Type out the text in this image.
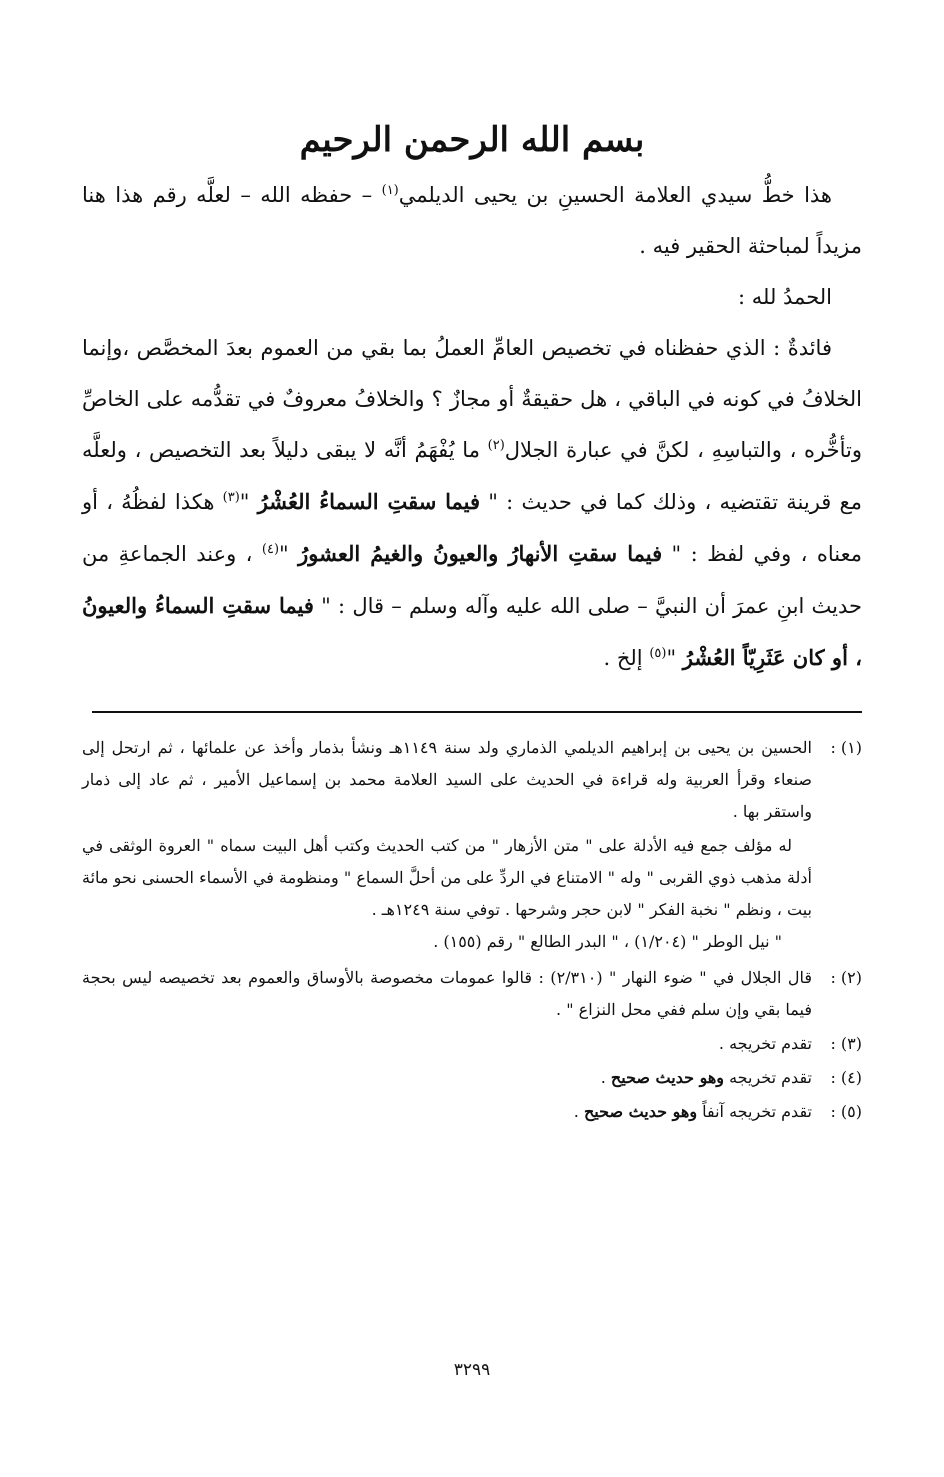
بسم الله الرحمن الرحيم

هذا خطُّ سيدي العلامة الحسينِ بن يحيى الديلمي$^{(١)}$ – حفظه الله – لعلَّه رقم هذا هنا مزيداً لمباحثة الحقير فيه .

الحمدُ لله :

فائدةٌ : الذي حفظناه في تخصيص العامِّ العملُ بما بقي من العموم بعدَ المخصَّص ،وإنما الخلافُ في كونه في الباقي ، هل حقيقةٌ أو مجازٌ ؟ والخلافُ معروفٌ في تقدُّمه على الخاصِّ وتأخُّره ، والتباسِهِ ، لكنَّ في عبارة الجلال$^{(٢)}$ ما يُفْهَمُ أنَّه لا يبقى دليلاً بعد التخصيص ، ولعلَّه مع قرينة تقتضيه ، وذلك كما في حديث : " فيما سقتِ السماءُ العُشْرُ "$^{(٣)}$ هكذا لفظُهُ ، أو معناه ، وفي لفظ : " فيما سقتِ الأنهارُ والعيونُ والغيمُ العشورُ "$^{(٤)}$ ، وعند الجماعةِ من حديث ابنِ عمرَ أن النبيَّ – صلى الله عليه وآله وسلم – قال : " فيما سقتِ السماءُ والعيونُ ، أو كان عَثَرِيّاً العُشْرُ "$^{(٥)}$ إلخ .

(١) :الحسين بن يحيى بن إبراهيم الديلمي الذماري ولد سنة ١١٤٩هـ ونشأ بذمار وأخذ عن علمائها ، ثم ارتحل إلى صنعاء وقرأ العربية وله قراءة في الحديث على السيد العلامة محمد بن إسماعيل الأمير ، ثم عاد إلى ذمار واستقر بها .

له مؤلف جمع فيه الأدلة على " متن الأزهار " من كتب الحديث وكتب أهل البيت سماه " العروة الوثقى في أدلة مذهب ذوي القربى " وله " الامتناع في الردِّ على من أحلَّ السماع " ومنظومة في الأسماء الحسنى نحو مائة بيت ، ونظم " نخبة الفكر " لابن حجر وشرحها . توفي سنة ١٢٤٩هـ .

" نيل الوطر " (١/٢٠٤) ، " البدر الطالع " رقم (١٥٥) .

(٢) :قال الجلال في " ضوء النهار " (٢/٣١٠) : قالوا عمومات مخصوصة بالأوساق والعموم بعد تخصيصه ليس بحجة فيما بقي وإن سلم ففي محل النزاع " .

(٣) :تقدم تخريجه .

(٤) :تقدم تخريجه وهو حديث صحيح .

(٥) :تقدم تخريجه آنفاً وهو حديث صحيح .

٣٢٩٩
